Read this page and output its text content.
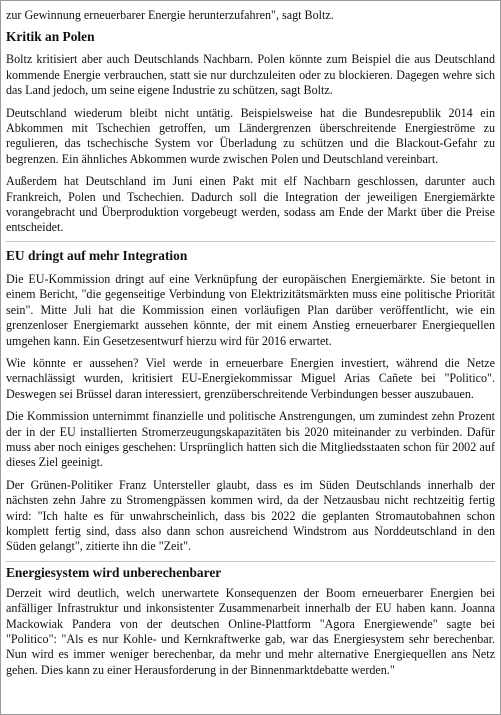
zur Gewinnung erneuerbarer Energie herunterzufahren", sagt Boltz.

Kritik an Polen

Boltz kritisiert aber auch Deutschlands Nachbarn. Polen könnte zum Beispiel die aus Deutschland kommende Energie verbrauchen, statt sie nur durchzuleiten oder zu blockieren. Dagegen wehre sich das Land jedoch, um seine eigene Industrie zu schützen, sagt Boltz.

Deutschland wiederum bleibt nicht untätig. Beispielsweise hat die Bundesrepublik 2014 ein Abkommen mit Tschechien getroffen, um Ländergrenzen überschreitende Energieströme zu regulieren, das tschechische System vor Überladung zu schützen und die Blackout-Gefahr zu begrenzen. Ein ähnliches Abkommen wurde zwischen Polen und Deutschland vereinbart.

Außerdem hat Deutschland im Juni einen Pakt mit elf Nachbarn geschlossen, darunter auch Frankreich, Polen und Tschechien. Dadurch soll die Integration der jeweiligen Energiemärkte vorangebracht und Überproduktion vorgebeugt werden, sodass am Ende der Markt über die Preise entscheidet.

EU dringt auf mehr Integration

Die EU-Kommission dringt auf eine Verknüpfung der europäischen Energiemärkte. Sie betont in einem Bericht, "die gegenseitige Verbindung von Elektrizitätsmärkten muss eine politische Priorität sein". Mitte Juli hat die Kommission einen vorläufigen Plan darüber veröffentlicht, wie ein grenzenloser Energiemarkt aussehen könnte, der mit einem Anstieg erneuerbarer Energiequellen umgehen kann. Ein Gesetzesentwurf hierzu wird für 2016 erwartet.

Wie könnte er aussehen? Viel werde in erneuerbare Energien investiert, während die Netze vernachlässigt wurden, kritisiert EU-Energiekommissar Miguel Arias Cañete bei "Politico". Deswegen sei Brüssel daran interessiert, grenzüberschreitende Verbindungen besser auszubauen.

Die Kommission unternimmt finanzielle und politische Anstrengungen, um zumindest zehn Prozent der in der EU installierten Stromerzeugungskapazitäten bis 2020 miteinander zu verbinden. Dafür muss aber noch einiges geschehen: Ursprünglich hatten sich die Mitgliedsstaaten schon für 2002 auf dieses Ziel geeinigt.

Der Grünen-Politiker Franz Untersteller glaubt, dass es im Süden Deutschlands innerhalb der nächsten zehn Jahre zu Stromengpässen kommen wird, da der Netzausbau nicht rechtzeitig fertig wird: "Ich halte es für unwahrscheinlich, dass bis 2022 die geplanten Stromautobahnen schon komplett fertig sind, dass also dann schon ausreichend Windstrom aus Norddeutschland in den Süden gelangt", zitierte ihn die "Zeit".

Energiesystem wird unberechenbarer

Derzeit wird deutlich, welch unerwartete Konsequenzen der Boom erneuerbarer Energien bei anfälliger Infrastruktur und inkonsistenter Zusammenarbeit innerhalb der EU haben kann. Joanna Mackowiak Pandera von der deutschen Online-Plattform "Agora Energiewende" sagte bei "Politico": "Als es nur Kohle- und Kernkraftwerke gab, war das Energiesystem sehr berechenbar. Nun wird es immer weniger berechenbar, da mehr und mehr alternative Energiequellen ans Netz gehen. Dies kann zu einer Herausforderung in der Binnenmarktdebatte werden."
